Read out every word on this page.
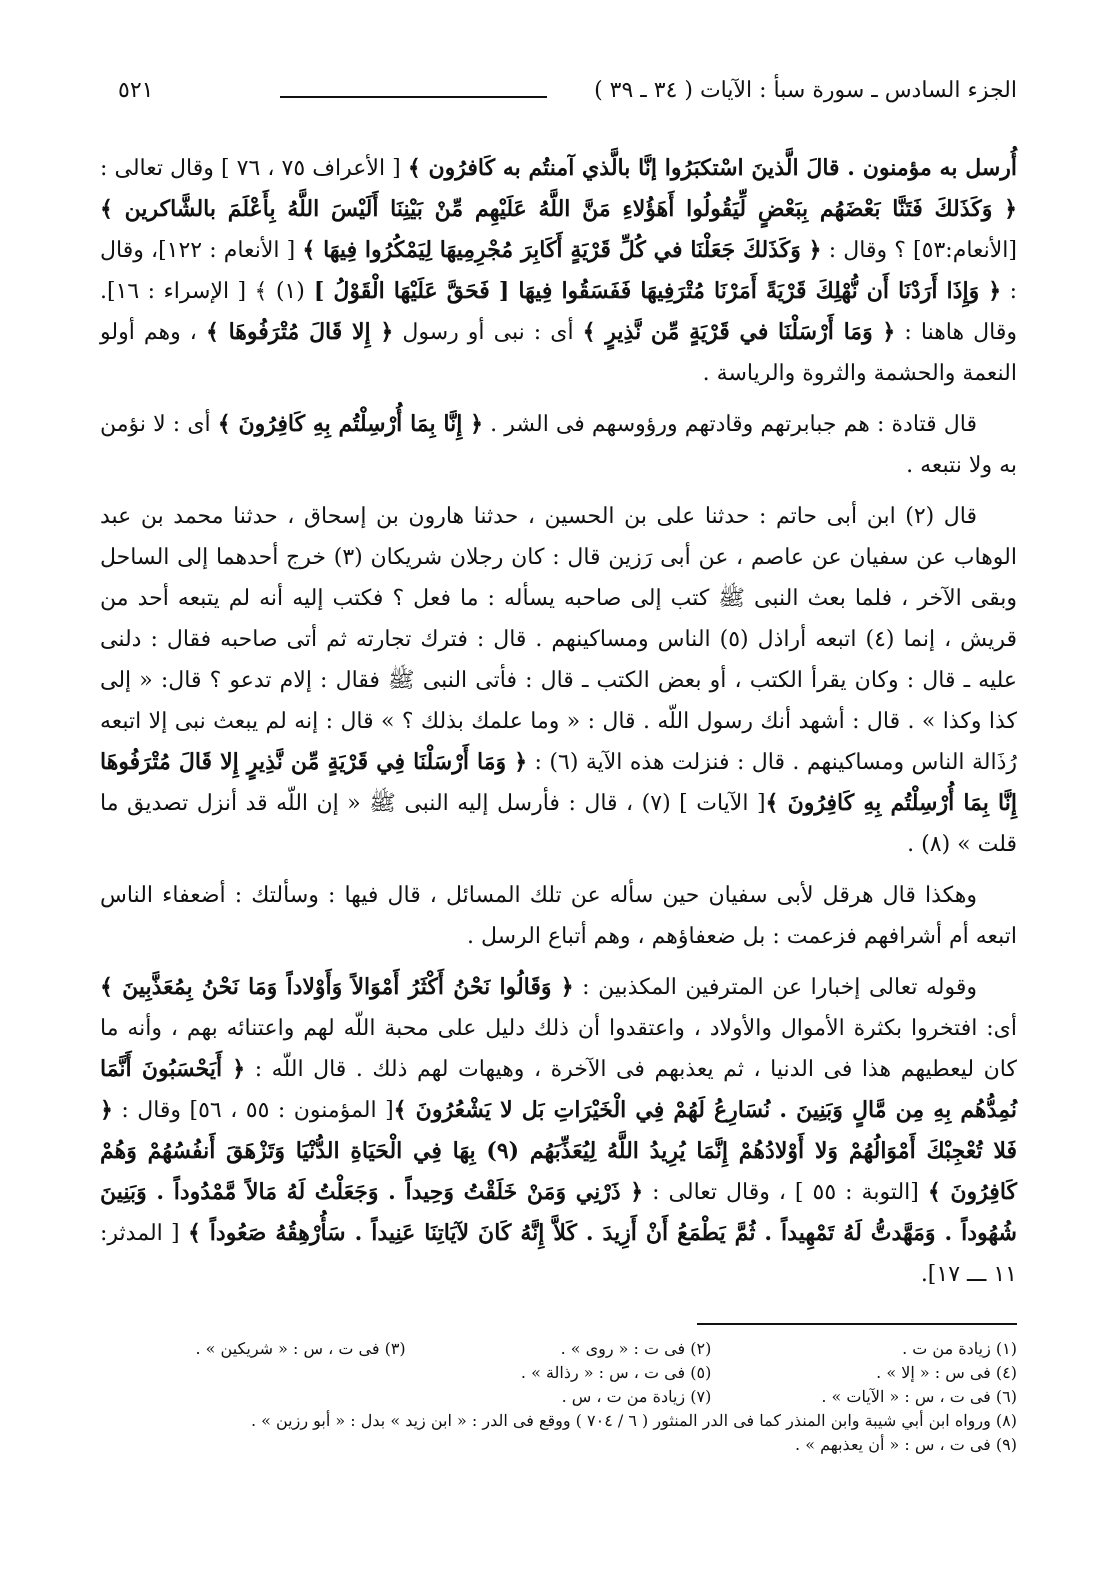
الجزء السادس ـ سورة سبأ : الآيات ( ٣٤ ـ ٣٩ )
٥٢١

أُرسل به مؤمنون . قالَ الَّذينَ اسْتكبَرُوا إنَّا بالَّذي آمنتُم به كَافرُون ﴾ [ الأعراف ٧٥ ، ٧٦ ] وقال تعالى : ﴿ وَكَذَلكَ فَتَنَّا بَعْضَهُم بِبَعْضٍ لِّيَقُولُوا أَهَؤُلاءِ مَنَّ اللَّهُ عَلَيْهِم مِّنْ بَيْنِنَا أَلَيْسَ اللَّهُ بِأَعْلَمَ بالشَّاكرين ﴾ [الأنعام:٥٣] ؟ وقال : ﴿ وَكَذَلكَ جَعَلْنَا في كُلِّ قَرْيَةٍ أَكَابِرَ مُجْرِمِيهَا لِيَمْكُرُوا فِيهَا ﴾ [ الأنعام : ١٢٢]، وقال : ﴿ وَإِذَا أَرَدْنَا أَن نُّهْلِكَ قَرْيَةً أَمَرْنَا مُتْرَفِيهَا فَفَسَقُوا فِيهَا [ فَحَقَّ عَلَيْهَا الْقَوْلُ ] (١) ﴾ [ الإسراء : ١٦]. وقال هاهنا : ﴿ وَمَا أَرْسَلْنَا في قَرْيَةٍ مِّن نَّذِيرٍ ﴾ أى : نبى أو رسول ﴿ إِلا قَالَ مُتْرَفُوهَا ﴾ ، وهم أولو النعمة والحشمة والثروة والرياسة .

قال قتادة : هم جبابرتهم وقادتهم ورؤوسهم فى الشر . ﴿ إِنَّا بِمَا أُرْسِلْتُم بِهِ كَافِرُونَ ﴾ أى : لا نؤمن به ولا نتبعه .

قال (٢) ابن أبى حاتم : حدثنا على بن الحسين ، حدثنا هارون بن إسحاق ، حدثنا محمد بن عبد الوهاب عن سفيان عن عاصم ، عن أبى رَزين قال : كان رجلان شريكان (٣) خرج أحدهما إلى الساحل وبقى الآخر ، فلما بعث النبى ﷺ كتب إلى صاحبه يسأله : ما فعل ؟ فكتب إليه أنه لم يتبعه أحد من قريش ، إنما (٤) اتبعه أراذل (٥) الناس ومساكينهم . قال : فترك تجارته ثم أتى صاحبه فقال : دلنى عليه ـ قال : وكان يقرأ الكتب ، أو بعض الكتب ـ قال : فأتى النبى ﷺ فقال : إلام تدعو ؟ قال: « إلى كذا وكذا » . قال : أشهد أنك رسول اللّه . قال : « وما علمك بذلك ؟ » قال : إنه لم يبعث نبى إلا اتبعه رُذَالة الناس ومساكينهم . قال : فنزلت هذه الآية (٦) : ﴿ وَمَا أَرْسَلْنَا فِي قَرْيَةٍ مِّن نَّذِيرٍ إِلا قَالَ مُتْرَفُوهَا إِنَّا بِمَا أُرْسِلْتُم بِهِ كَافِرُونَ ﴾[ الآيات ] (٧) ، قال : فأرسل إليه النبى ﷺ « إن اللّه قد أنزل تصديق ما قلت » (٨) .

وهكذا قال هرقل لأبى سفيان حين سأله عن تلك المسائل ، قال فيها : وسألتك : أضعفاء الناس اتبعه أم أشرافهم فزعمت : بل ضعفاؤهم ، وهم أتباع الرسل .

وقوله تعالى إخبارا عن المترفين المكذبين : ﴿ وَقَالُوا نَحْنُ أَكْثَرُ أَمْوَالاً وَأَوْلاداً وَمَا نَحْنُ بِمُعَذَّبِينَ ﴾ أى: افتخروا بكثرة الأموال والأولاد ، واعتقدوا أن ذلك دليل على محبة اللّه لهم واعتنائه بهم ، وأنه ما كان ليعطيهم هذا فى الدنيا ، ثم يعذبهم فى الآخرة ، وهيهات لهم ذلك . قال اللّه : ﴿ أَيَحْسَبُونَ أَنَّمَا نُمِدُّهُم بِهِ مِن مَّالٍ وَبَنِينَ . نُسَارِعُ لَهُمْ فِي الْخَيْرَاتِ بَل لا يَشْعُرُونَ ﴾[ المؤمنون : ٥٥ ، ٥٦] وقال : ﴿ فَلا تُعْجِبْكَ أَمْوَالُهُمْ وَلا أَوْلادُهُمْ إِنَّمَا يُرِيدُ اللَّهُ لِيُعَذِّبَهُم (٩) بِهَا فِي الْحَيَاةِ الدُّنْيَا وَتَزْهَقَ أَنفُسُهُمْ وَهُمْ كَافِرُونَ ﴾ [التوبة : ٥٥ ] ، وقال تعالى : ﴿ ذَرْنِي وَمَنْ خَلَقْتُ وَحِيداً . وَجَعَلْتُ لَهُ مَالاً مَّمْدُوداً . وَبَنِينَ شُهُوداً . وَمَهَّدتُّ لَهُ تَمْهِيداً . ثُمَّ يَطْمَعُ أَنْ أَزِيدَ . كَلاَّ إِنَّهُ كَانَ لآيَاتِنَا عَنِيداً . سَأُرْهِقُهُ صَعُوداً ﴾ [ المدثر: ١١ ـــ ١٧].

(١) زيادة من ت .
(٢) فى ت : « روى » .
(٣) فى ت ، س : « شريكين » .
(٤) فى س : « إلا » .
(٥) فى ت ، س : « رذالة » .
(٦) فى ت ، س : « الآيات » .
(٧) زيادة من ت ، س .
(٨) ورواه ابن أبي شيبة وابن المنذر كما فى الدر المنثور ( ٦ / ٧٠٤ ) ووقع فى الدر : « ابن زيد » بدل : « أبو رزين » .
(٩) فى ت ، س : « أن يعذبهم » .
